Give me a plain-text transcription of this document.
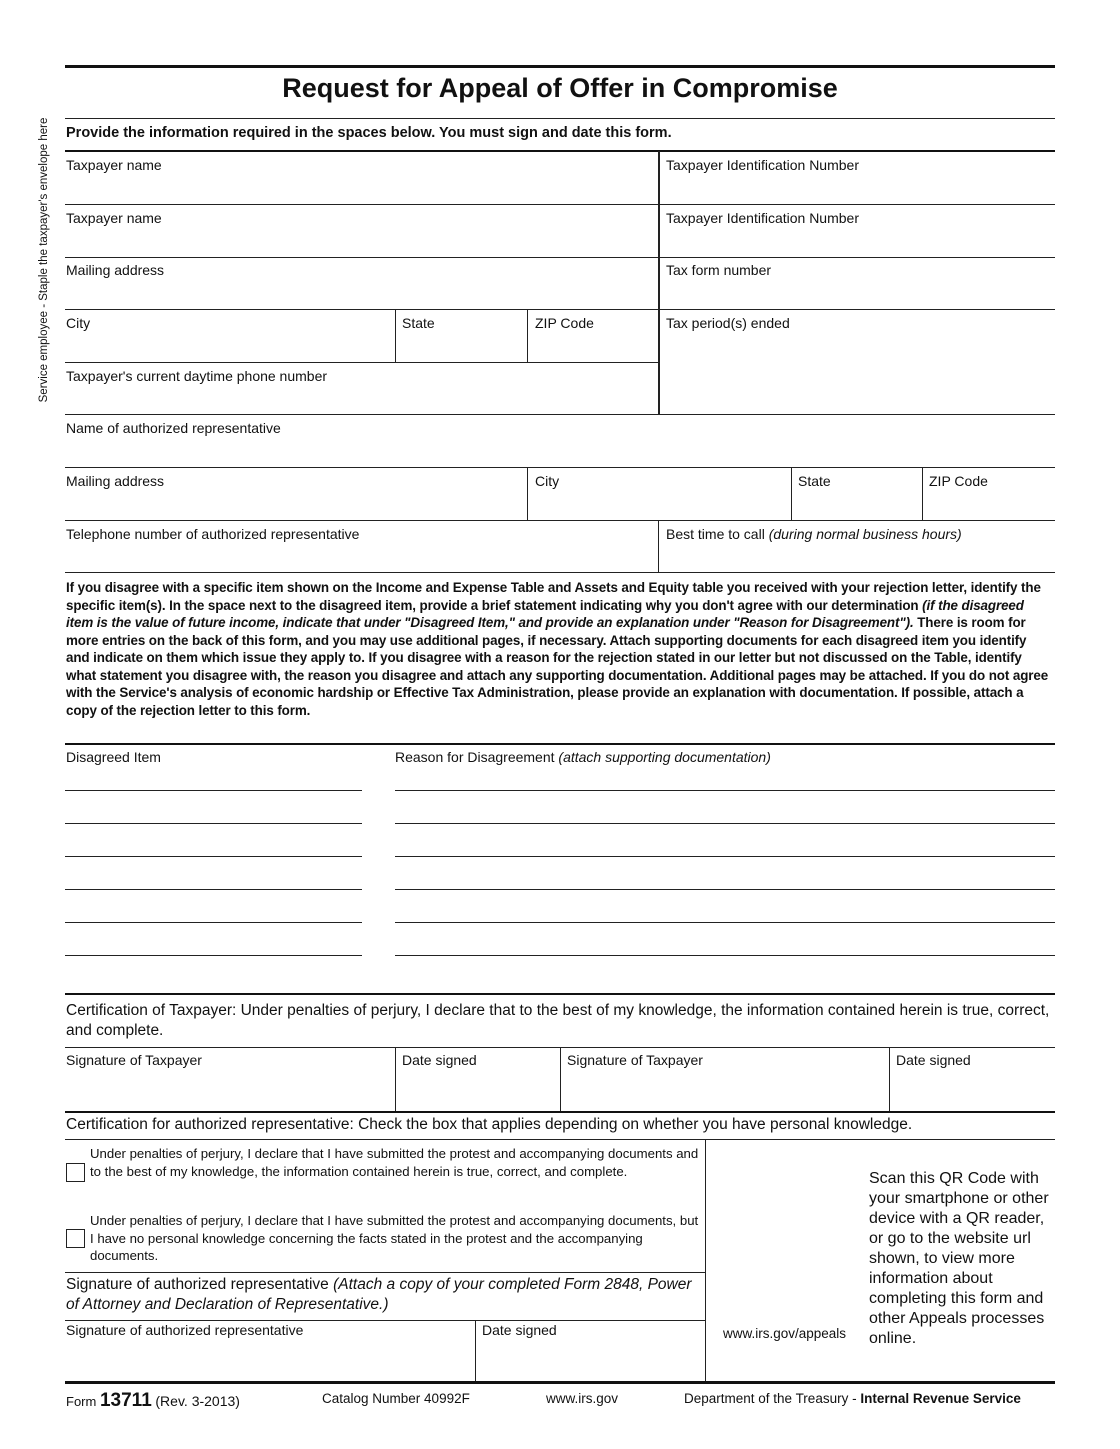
Service employee - Staple the taxpayer's envelope here
Request for Appeal of Offer in Compromise
Provide the information required in the spaces below. You must sign and date this form.
Taxpayer name	Taxpayer Identification Number
Taxpayer name	Taxpayer Identification Number
Mailing address	Tax form number
City	State	ZIP Code	Tax period(s) ended
Taxpayer's current daytime phone number
Name of authorized representative
Mailing address	City	State	ZIP Code
Telephone number of authorized representative	Best time to call (during normal business hours)
If you disagree with a specific item shown on the Income and Expense Table and Assets and Equity table you received with your rejection letter, identify the specific item(s). In the space next to the disagreed item, provide a brief statement indicating why you don't agree with our determination (if the disagreed item is the value of future income, indicate that under "Disagreed Item," and provide an explanation under "Reason for Disagreement"). There is room for more entries on the back of this form, and you may use additional pages, if necessary. Attach supporting documents for each disagreed item you identify and indicate on them which issue they apply to. If you disagree with a reason for the rejection stated in our letter but not discussed on the Table, identify what statement you disagree with, the reason you disagree and attach any supporting documentation. Additional pages may be attached. If you do not agree with the Service's analysis of economic hardship or Effective Tax Administration, please provide an explanation with documentation. If possible, attach a copy of the rejection letter to this form.
Disagreed Item	Reason for Disagreement (attach supporting documentation)
Certification of Taxpayer: Under penalties of perjury, I declare that to the best of my knowledge, the information contained herein is true, correct, and complete.
Signature of Taxpayer	Date signed	Signature of Taxpayer	Date signed
Certification for authorized representative: Check the box that applies depending on whether you have personal knowledge.
Under penalties of perjury, I declare that I have submitted the protest and accompanying documents and to the best of my knowledge, the information contained herein is true, correct, and complete.
Under penalties of perjury, I declare that I have submitted the protest and accompanying documents, but I have no personal knowledge concerning the facts stated in the protest and the accompanying documents.
Signature of authorized representative (Attach a copy of your completed Form 2848, Power of Attorney and Declaration of Representative.)
Signature of authorized representative	Date signed	www.irs.gov/appeals
Scan this QR Code with your smartphone or other device with a QR reader, or go to the website url shown, to view more information about completing this form and other Appeals processes online.
Form 13711 (Rev. 3-2013)	Catalog Number 40992F	www.irs.gov	Department of the Treasury - Internal Revenue Service
